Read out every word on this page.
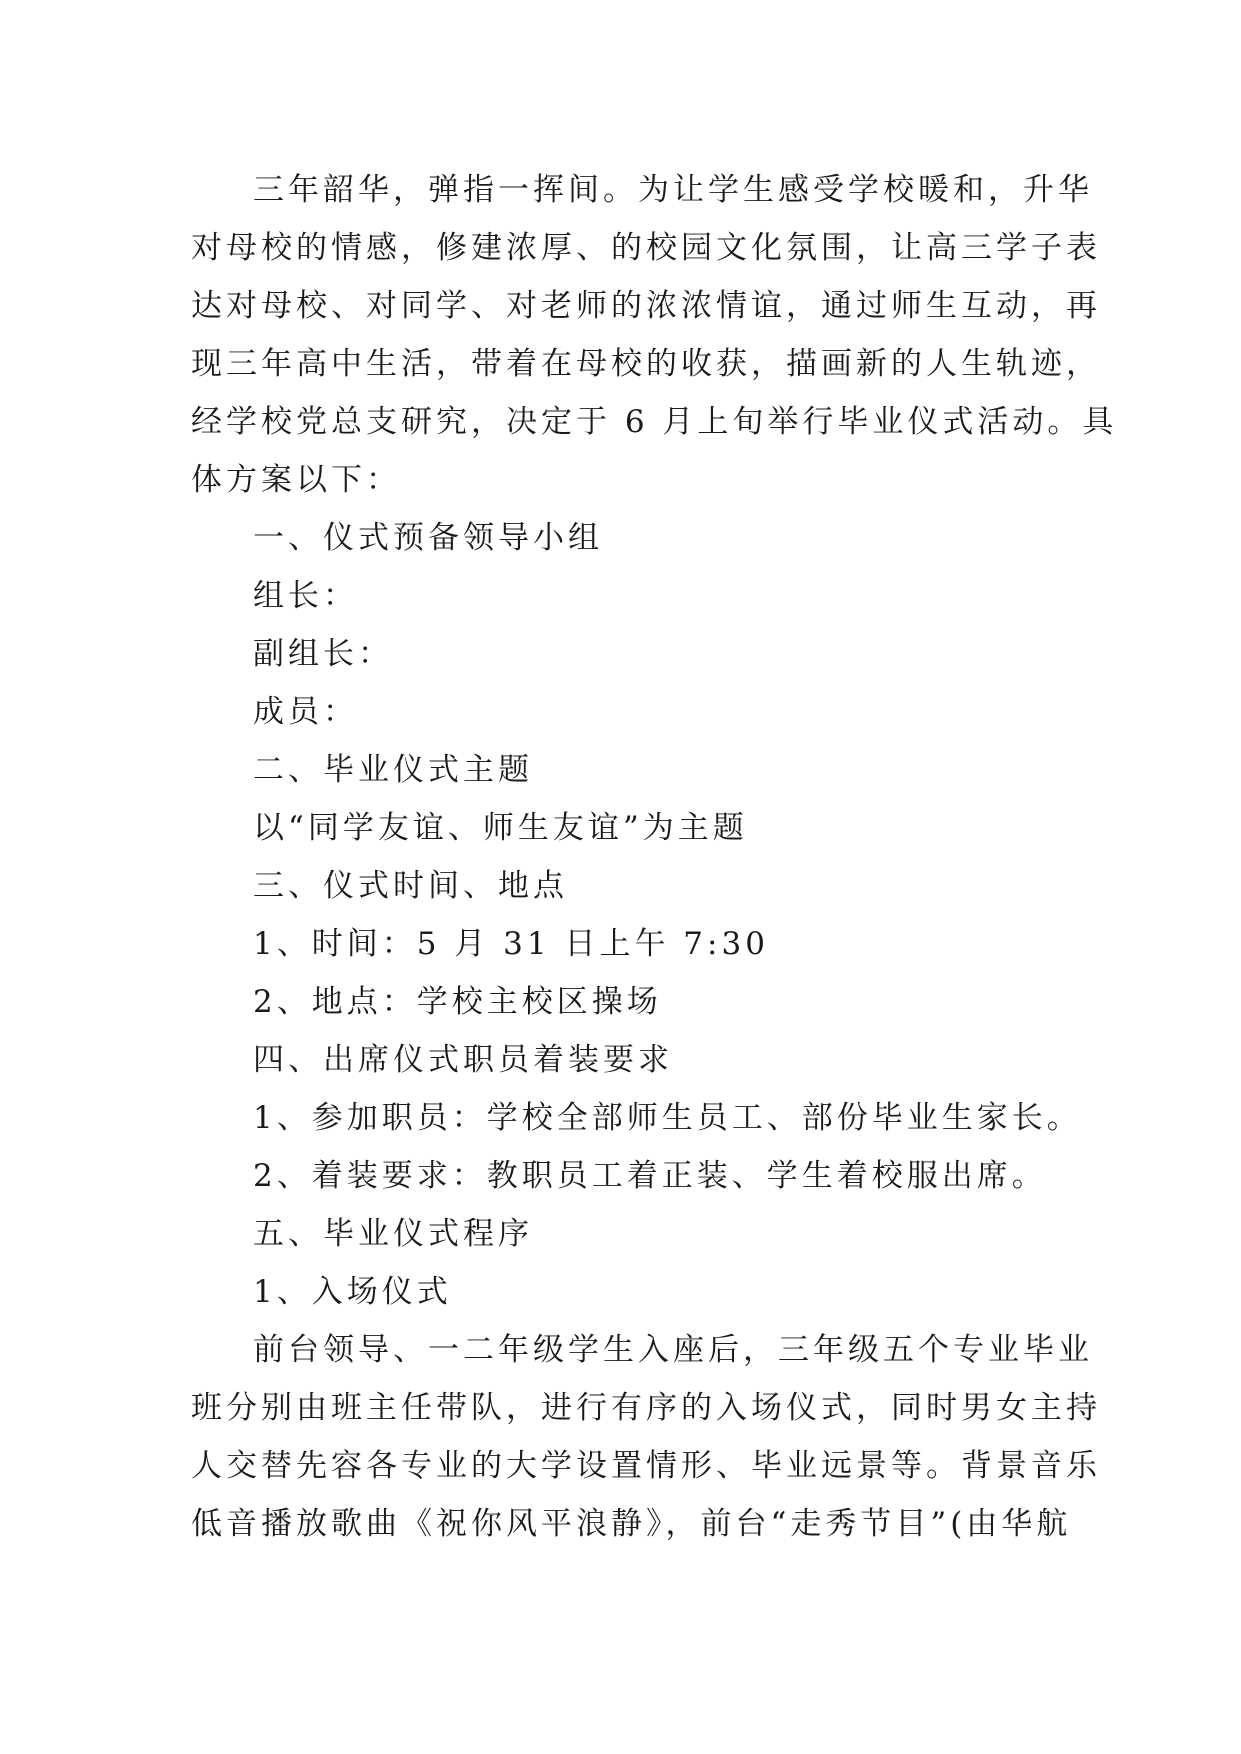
三年韶华，弹指一挥间。为让学生感受学校暖和，升华
对母校的情感，修建浓厚、的校园文化氛围，让高三学子表
达对母校、对同学、对老师的浓浓情谊，通过师生互动，再
现三年高中生活，带着在母校的收获，描画新的人生轨迹，
经学校党总支研究，决定于 6 月上旬举行毕业仪式活动。具
体方案以下：
一、仪式预备领导小组
组长：
副组长：
成员：
二、毕业仪式主题
以“同学友谊、师生友谊”为主题
三、仪式时间、地点
1、时间：5 月 31 日上午 7:30
2、地点：学校主校区操场
四、出席仪式职员着装要求
1、参加职员：学校全部师生员工、部份毕业生家长。
2、着装要求：教职员工着正装、学生着校服出席。
五、毕业仪式程序
1、入场仪式
前台领导、一二年级学生入座后，三年级五个专业毕业
班分别由班主任带队，进行有序的入场仪式，同时男女主持
人交替先容各专业的大学设置情形、毕业远景等。背景音乐
低音播放歌曲《祝你风平浪静》，前台“走秀节目”(由华航
